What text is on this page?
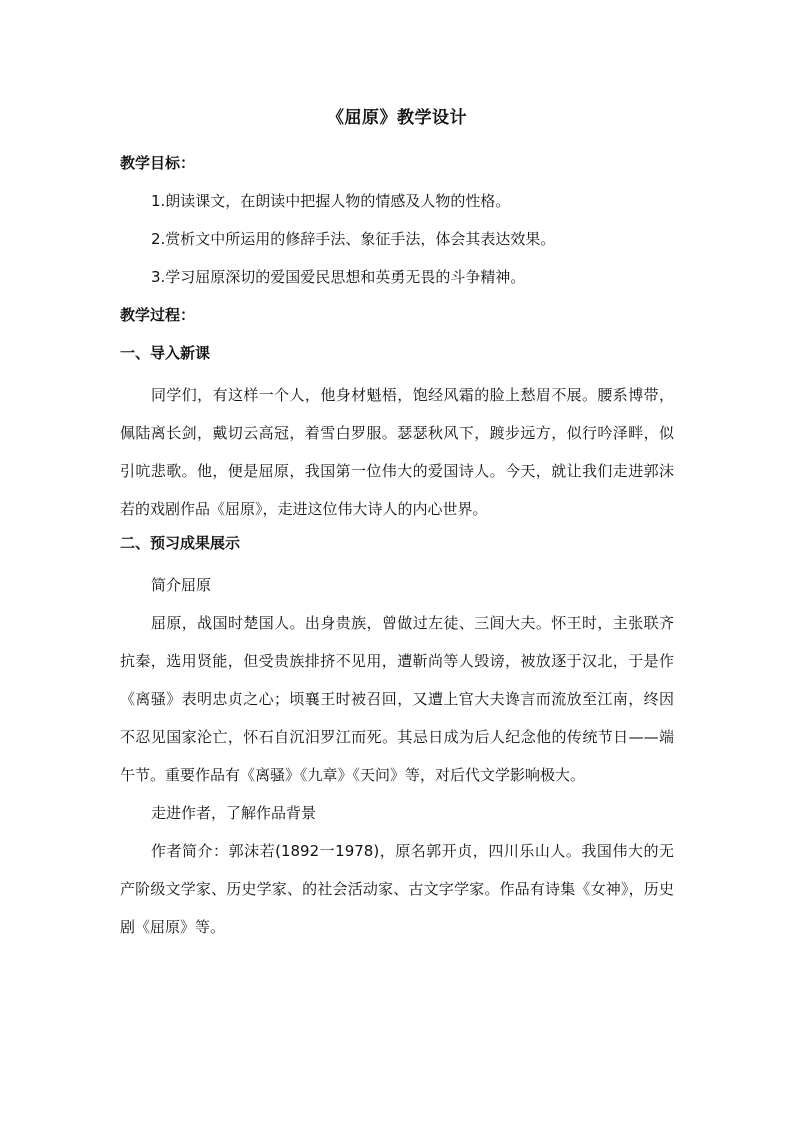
《屈原》教学设计
教学目标：
1.朗读课文，在朗读中把握人物的情感及人物的性格。
2.赏析文中所运用的修辞手法、象征手法，体会其表达效果。
3.学习屈原深切的爱国爱民思想和英勇无畏的斗争精神。
教学过程：
一、导入新课
同学们，有这样一个人，他身材魁梧，饱经风霜的脸上愁眉不展。腰系博带，佩陆离长剑，戴切云高冠，着雪白罗服。瑟瑟秋风下，踱步远方，似行吟泽畔，似引吭悲歌。他，便是屈原，我国第一位伟大的爱国诗人。今天，就让我们走进郭沫若的戏剧作品《屈原》，走进这位伟大诗人的内心世界。
二、预习成果展示
简介屈原
屈原，战国时楚国人。出身贵族，曾做过左徒、三闾大夫。怀王时，主张联齐抗秦，选用贤能，但受贵族排挤不见用，遭靳尚等人毁谤，被放逐于汉北，于是作《离骚》表明忠贞之心；顷襄王时被召回，又遭上官大夫谗言而流放至江南，终因不忍见国家沦亡，怀石自沉汨罗江而死。其忌日成为后人纪念他的传统节日——端午节。重要作品有《离骚》《九章》《天问》等，对后代文学影响极大。
走进作者，了解作品背景
作者简介：郭沫若(1892一1978)，原名郭开贞，四川乐山人。我国伟大的无产阶级文学家、历史学家、的社会活动家、古文字学家。作品有诗集《女神》，历史剧《屈原》等。
